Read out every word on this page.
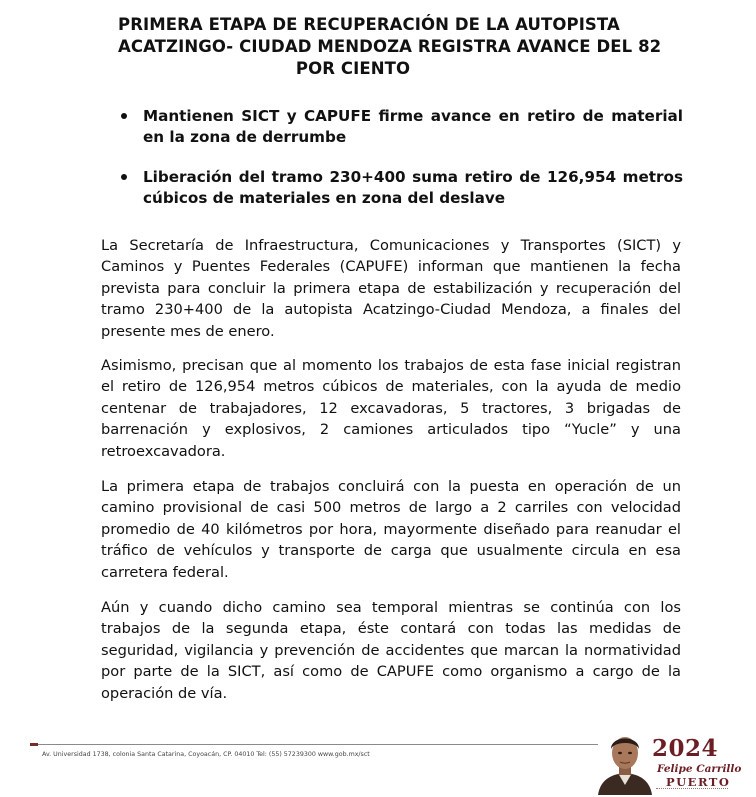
PRIMERA ETAPA DE RECUPERACIÓN DE LA AUTOPISTA
ACATZINGO- CIUDAD MENDOZA REGISTRA AVANCE DEL 82
POR CIENTO
Mantienen SICT y CAPUFE firme avance en retiro de material en la zona de derrumbe
Liberación del tramo 230+400 suma retiro de 126,954 metros cúbicos de materiales en zona del deslave
La Secretaría de Infraestructura, Comunicaciones y Transportes (SICT) y Caminos y Puentes Federales (CAPUFE) informan que mantienen la fecha prevista para concluir la primera etapa de estabilización y recuperación del tramo 230+400 de la autopista Acatzingo-Ciudad Mendoza, a finales del presente mes de enero.
Asimismo, precisan que al momento los trabajos de esta fase inicial registran el retiro de 126,954 metros cúbicos de materiales, con la ayuda de medio centenar de trabajadores, 12 excavadoras, 5 tractores, 3 brigadas de barrenación y explosivos, 2 camiones articulados tipo “Yucle” y una retroexcavadora.
La primera etapa de trabajos concluirá con la puesta en operación de un camino provisional de casi 500 metros de largo a 2 carriles con velocidad promedio de 40 kilómetros por hora, mayormente diseñado para reanudar el tráfico de vehículos y transporte de carga que usualmente circula en esa carretera federal.
Aún y cuando dicho camino sea temporal mientras se continúa con los trabajos de la segunda etapa, éste contará con todas las medidas de seguridad, vigilancia y prevención de accidentes que marcan la normatividad por parte de la SICT, así como de CAPUFE como organismo a cargo de la operación de vía.
Av. Universidad 1738, colonia Santa Catarina, Coyoacán, CP. 04010 Tel: (55) 57239300 www.gob.mx/sct	2024
Felipe Carrillo
PUERTO
